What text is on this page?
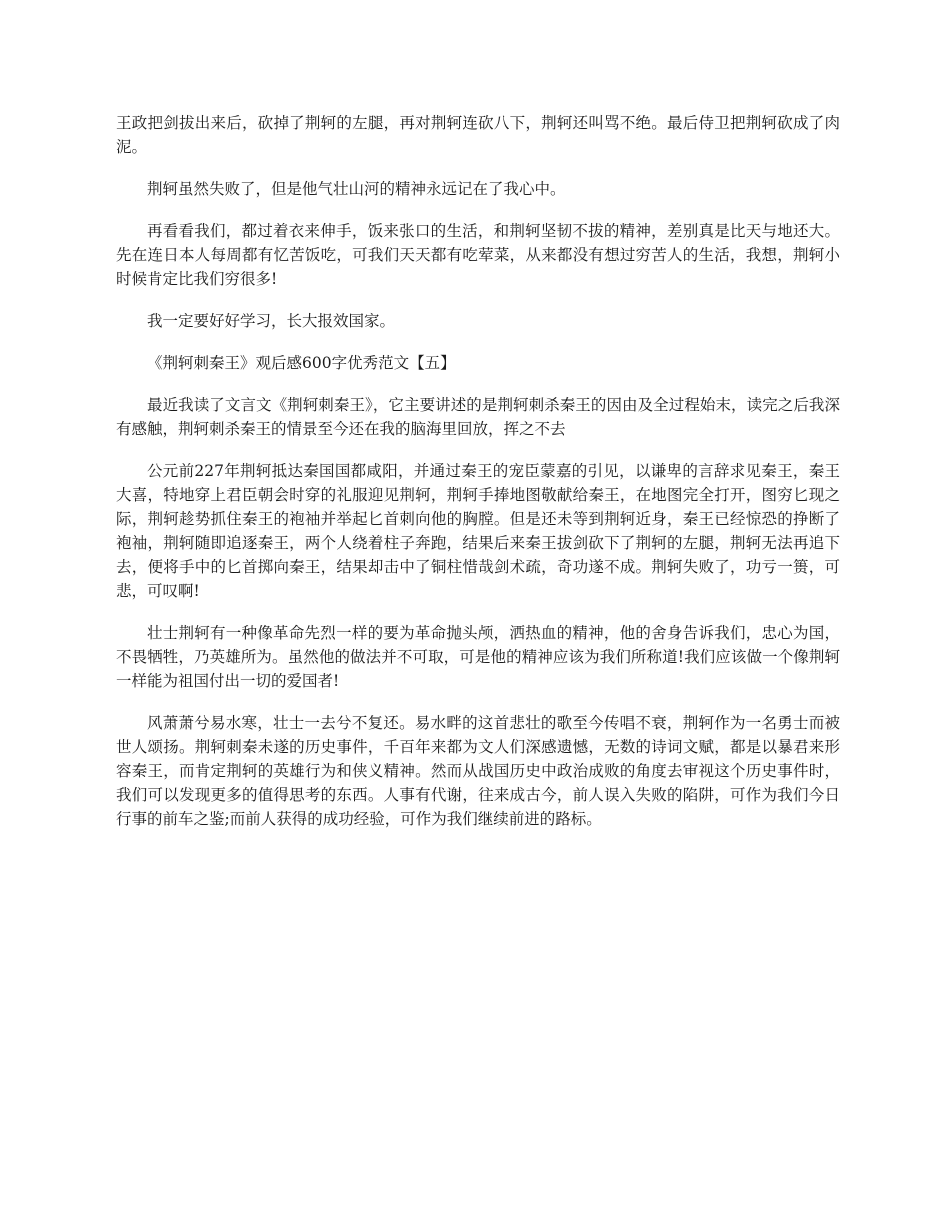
王政把剑拔出来后，砍掉了荆轲的左腿，再对荆轲连砍八下，荆轲还叫骂不绝。最后侍卫把荆轲砍成了肉泥。

荆轲虽然失败了，但是他气壮山河的精神永远记在了我心中。

再看看我们，都过着衣来伸手，饭来张口的生活，和荆轲坚韧不拔的精神，差别真是比天与地还大。先在连日本人每周都有忆苦饭吃，可我们天天都有吃荤菜，从来都没有想过穷苦人的生活，我想，荆轲小时候肯定比我们穷很多!

我一定要好好学习，长大报效国家。

《荆轲刺秦王》观后感600字优秀范文【五】

最近我读了文言文《荆轲刺秦王》，它主要讲述的是荆轲刺杀秦王的因由及全过程始末，读完之后我深有感触，荆轲刺杀秦王的情景至今还在我的脑海里回放，挥之不去

公元前227年荆轲抵达秦国国都咸阳，并通过秦王的宠臣蒙嘉的引见，以谦卑的言辞求见秦王，秦王大喜，特地穿上君臣朝会时穿的礼服迎见荆轲，荆轲手捧地图敬献给秦王，在地图完全打开，图穷匕现之际，荆轲趁势抓住秦王的袍袖并举起匕首刺向他的胸膛。但是还未等到荆轲近身，秦王已经惊恐的挣断了袍袖，荆轲随即追逐秦王，两个人绕着柱子奔跑，结果后来秦王拔剑砍下了荆轲的左腿，荆轲无法再追下去，便将手中的匕首掷向秦王，结果却击中了铜柱惜哉剑术疏，奇功遂不成。荆轲失败了，功亏一篑，可悲，可叹啊!

壮士荆轲有一种像革命先烈一样的要为革命抛头颅，洒热血的精神，他的舍身告诉我们，忠心为国，不畏牺牲，乃英雄所为。虽然他的做法并不可取，可是他的精神应该为我们所称道!我们应该做一个像荆轲一样能为祖国付出一切的爱国者!

风萧萧兮易水寒，壮士一去兮不复还。易水畔的这首悲壮的歌至今传唱不衰，荆轲作为一名勇士而被世人颂扬。荆轲刺秦未遂的历史事件，千百年来都为文人们深感遗憾，无数的诗词文赋，都是以暴君来形容秦王，而肯定荆轲的英雄行为和侠义精神。然而从战国历史中政治成败的角度去审视这个历史事件时，我们可以发现更多的值得思考的东西。人事有代谢，往来成古今，前人误入失败的陷阱，可作为我们今日行事的前车之鉴;而前人获得的成功经验，可作为我们继续前进的路标。
